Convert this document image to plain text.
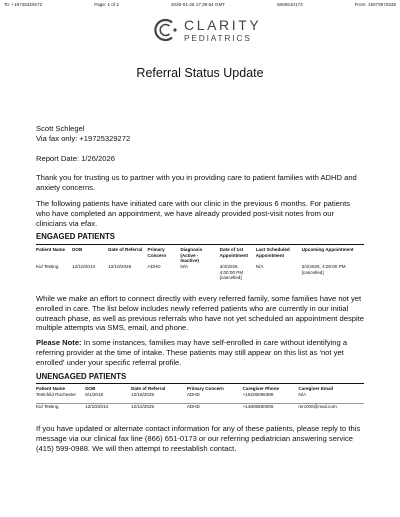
To: +19725329272	Page: 1 of 2	2026-01-26 17:39:54 GMT	5066510173	From: 15073972635
CLARITY
PEDIATRICS
Referral Status Update

Scott Schlegel

Via fax only: +19725329272

Report Date: 1/26/2026

Thank you for trusting us to partner with you in providing care to patient families with ADHD and anxiety concerns.

The following patients have initiated care with our clinic in the previous 6 months. For patients who have completed an appointment, we have already provided post-visit notes from our clinicians via efax.

ENGAGED PATIENTS

Patient Name	DOB	Date of Referral	Primary Concern	Diagnosis (Active - Inactive)	Date of 1st Appointment	Last Scheduled Appointment	Upcoming Appointment
Kid Testing	12/10/2013	12/10/2025	ADHD	N/A	3/4/2026, 4:00:00 PM [cancelled]	N/A	3/4/2026, 4:00:00 PM [cancelled]

While we make an effort to connect directly with every referred family, some families have not yet enrolled in care. The list below includes newly referred patients who are currently in our initial outreach phase, as well as previous referrals who have not yet scheduled an appointment despite multiple attempts via SMS, email, and phone.

Please Note: In some instances, families may have self-enrolled in care without identifying a referring provider at the time of intake. These patients may still appear on this list as 'not yet enrolled' under your specific referral profile.

UNENGAGED PATIENTS

Patient Name	DOB	Date of Referral	Primary Concern	Caregiver Phone	Caregiver Email
Testchild Rochester	6/1/2018	12/16/2025	ADHD	+15205096388	N/A
Kid Testing	12/10/2014	12/12/2025	ADHD	+14805550006	mrc006@mail.com

If you have updated or alternate contact information for any of these patients, please reply to this message via our clinical fax line (866) 651-0173 or our referring pediatrician answering service (415) 599-0988. We will then attempt to reestablish contact.
